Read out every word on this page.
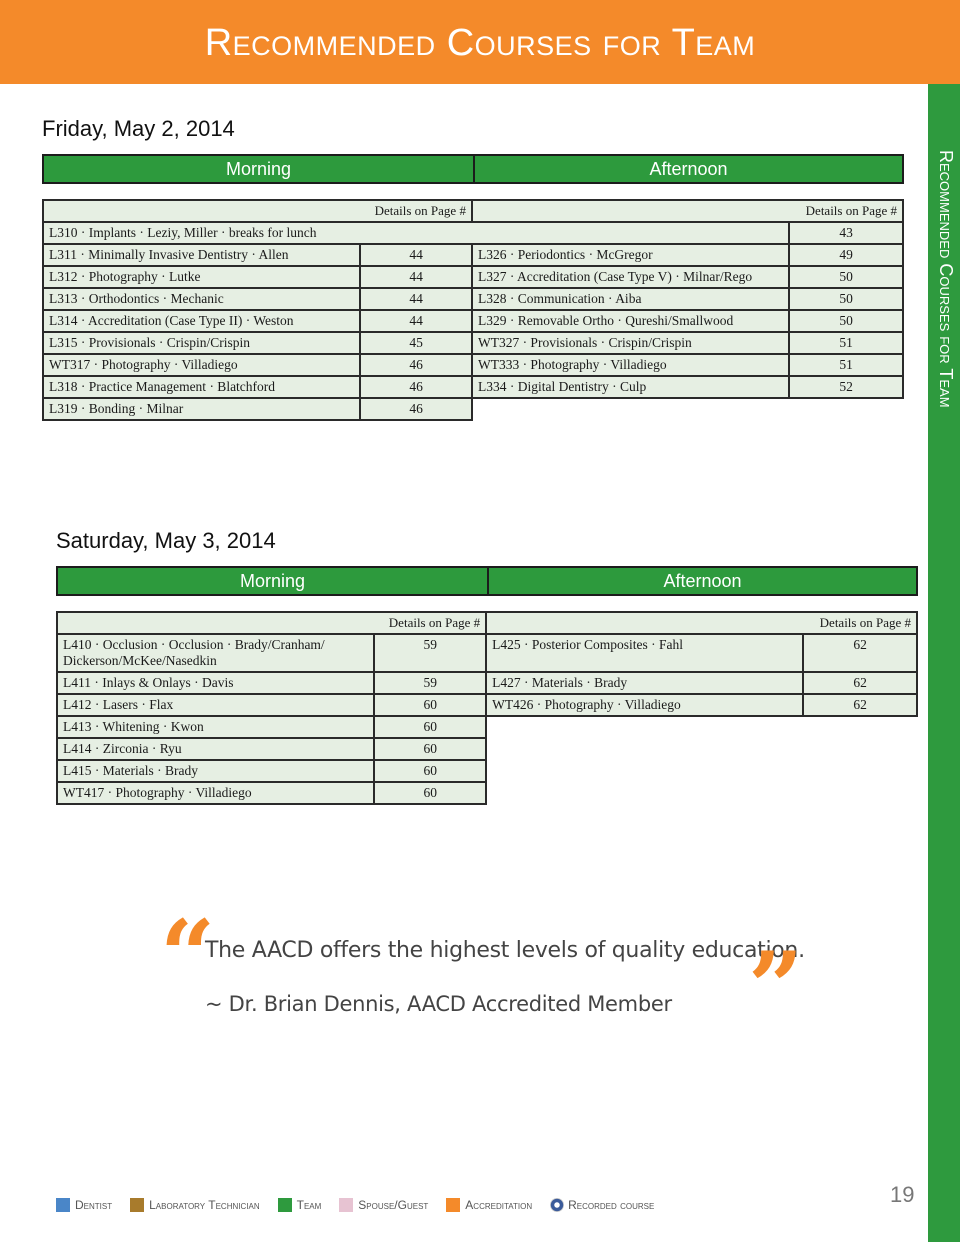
Recommended Courses for Team
Recommended Courses for Team
Friday, May 2, 2014
Morning	Afternoon
Details on Page #		Details on Page #	
L310 · Implants · Leziy, Miller · breaks for lunch			43
L311 · Minimally Invasive Dentistry · Allen	44	L326 · Periodontics · McGregor	49
L312 · Photography · Lutke	44	L327 · Accreditation (Case Type V) · Milnar/Rego	50
L313 · Orthodontics · Mechanic	44	L328 · Communication · Aiba	50
L314 · Accreditation (Case Type II) · Weston	44	L329 · Removable Ortho · Qureshi/Smallwood	50
L315 · Provisionals · Crispin/Crispin	45	WT327 · Provisionals · Crispin/Crispin	51
WT317 · Photography · Villadiego	46	WT333 · Photography · Villadiego	51
L318 · Practice Management · Blatchford	46	L334 · Digital Dentistry · Culp	52
L319 · Bonding · Milnar	46		
Saturday, May 3, 2014
Morning	Afternoon
Details on Page #		Details on Page #	
L410 · Occlusion · Occlusion · Brady/Cranham/ Dickerson/McKee/Nasedkin	59	L425 · Posterior Composites · Fahl	62
L411 · Inlays & Onlays · Davis	59	L427 · Materials · Brady	62
L412 · Lasers · Flax	60	WT426 · Photography · Villadiego	62
L413 · Whitening · Kwon	60		
L414 · Zirconia · Ryu	60		
L415 · Materials · Brady	60		
WT417 · Photography · Villadiego	60		
“
The AACD offers the highest levels of quality education.
~ Dr. Brian Dennis, AACD Accredited Member ”
19
Dentist	Laboratory Technician	Team	Spouse/Guest	Accreditation	Recorded course
